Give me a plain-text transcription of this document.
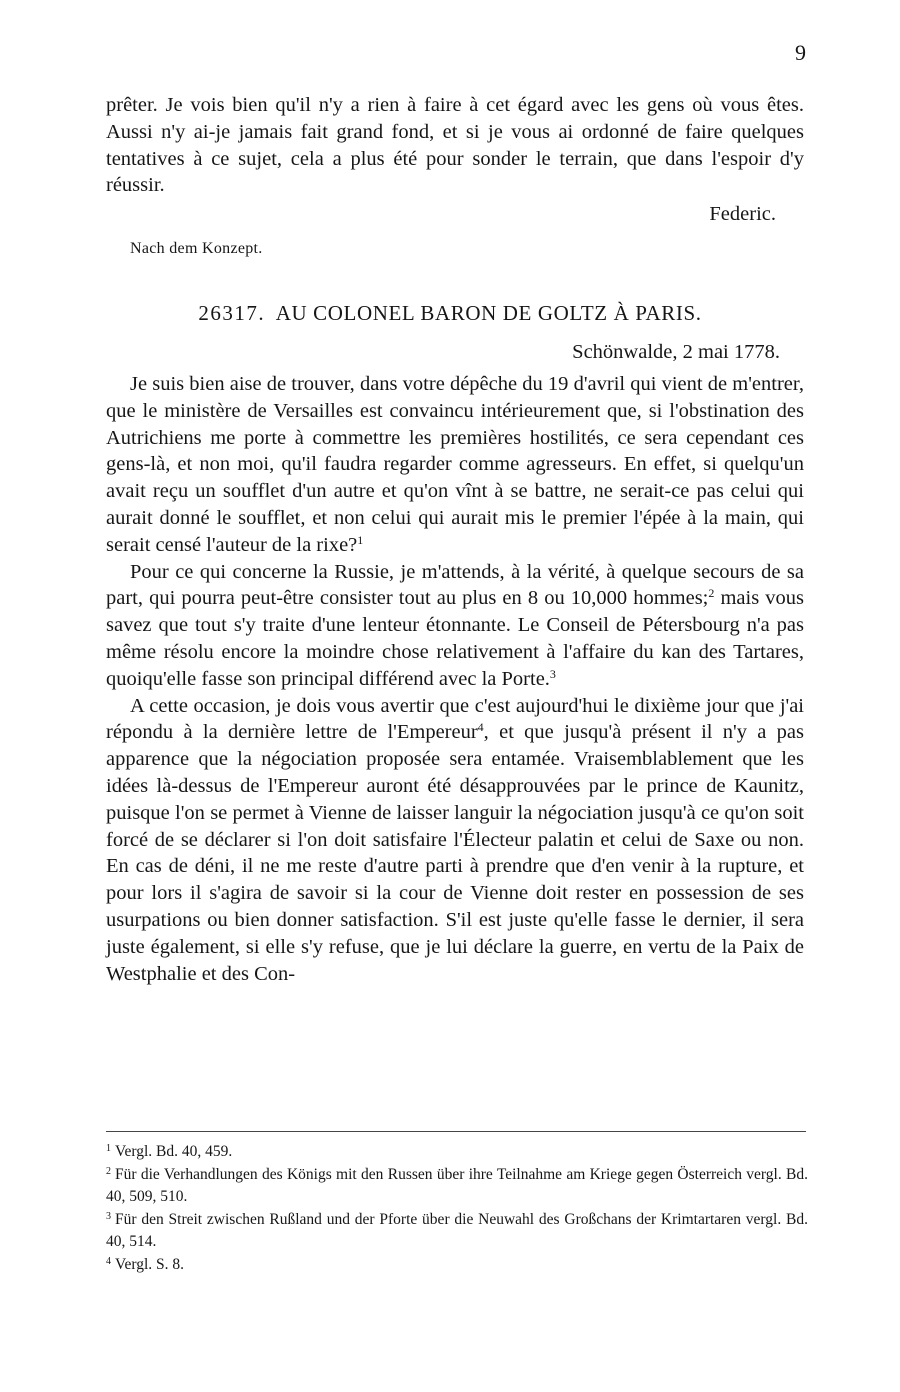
9

prêter. Je vois bien qu'il n'y a rien à faire à cet égard avec les gens où vous êtes. Aussi n'y ai-je jamais fait grand fond, et si je vous ai ordonné de faire quelques tentatives à ce sujet, cela a plus été pour sonder le terrain, que dans l'espoir d'y réussir.

Federic.
Nach dem Konzept.
26317. AU COLONEL BARON DE GOLTZ À PARIS.
Schönwalde, 2 mai 1778.

Je suis bien aise de trouver, dans votre dépêche du 19 d'avril qui vient de m'entrer, que le ministère de Versailles est convaincu intérieurement que, si l'obstination des Autrichiens me porte à commettre les premières hostilités, ce sera cependant ces gens-là, et non moi, qu'il faudra regarder comme agresseurs. En effet, si quelqu'un avait reçu un soufflet d'un autre et qu'on vînt à se battre, ne serait-ce pas celui qui aurait donné le soufflet, et non celui qui aurait mis le premier l'épée à la main, qui serait censé l'auteur de la rixe?$^1$

Pour ce qui concerne la Russie, je m'attends, à la vérité, à quelque secours de sa part, qui pourra peut-être consister tout au plus en 8 ou 10,000 hommes;$^2$ mais vous savez que tout s'y traite d'une lenteur étonnante. Le Conseil de Pétersbourg n'a pas même résolu encore la moindre chose relativement à l'affaire du kan des Tartares, quoiqu'elle fasse son principal différend avec la Porte.$^3$

A cette occasion, je dois vous avertir que c'est aujourd'hui le dixième jour que j'ai répondu à la dernière lettre de l'Empereur$^4$, et que jusqu'à présent il n'y a pas apparence que la négociation proposée sera entamée. Vraisemblablement que les idées là-dessus de l'Empereur auront été désapprouvées par le prince de Kaunitz, puisque l'on se permet à Vienne de laisser languir la négociation jusqu'à ce qu'on soit forcé de se déclarer si l'on doit satisfaire l'Électeur palatin et celui de Saxe ou non. En cas de déni, il ne me reste d'autre parti à prendre que d'en venir à la rupture, et pour lors il s'agira de savoir si la cour de Vienne doit rester en possession de ses usurpations ou bien donner satisfaction. S'il est juste qu'elle fasse le dernier, il sera juste également, si elle s'y refuse, que je lui déclare la guerre, en vertu de la Paix de Westphalie et des Con-

$^1$ Vergl. Bd. 40, 459.

$^2$ Für die Verhandlungen des Königs mit den Russen über ihre Teilnahme am Kriege gegen Österreich vergl. Bd. 40, 509, 510.

$^3$ Für den Streit zwischen Rußland und der Pforte über die Neuwahl des Großchans der Krimtartaren vergl. Bd. 40, 514.

$^4$ Vergl. S. 8.
